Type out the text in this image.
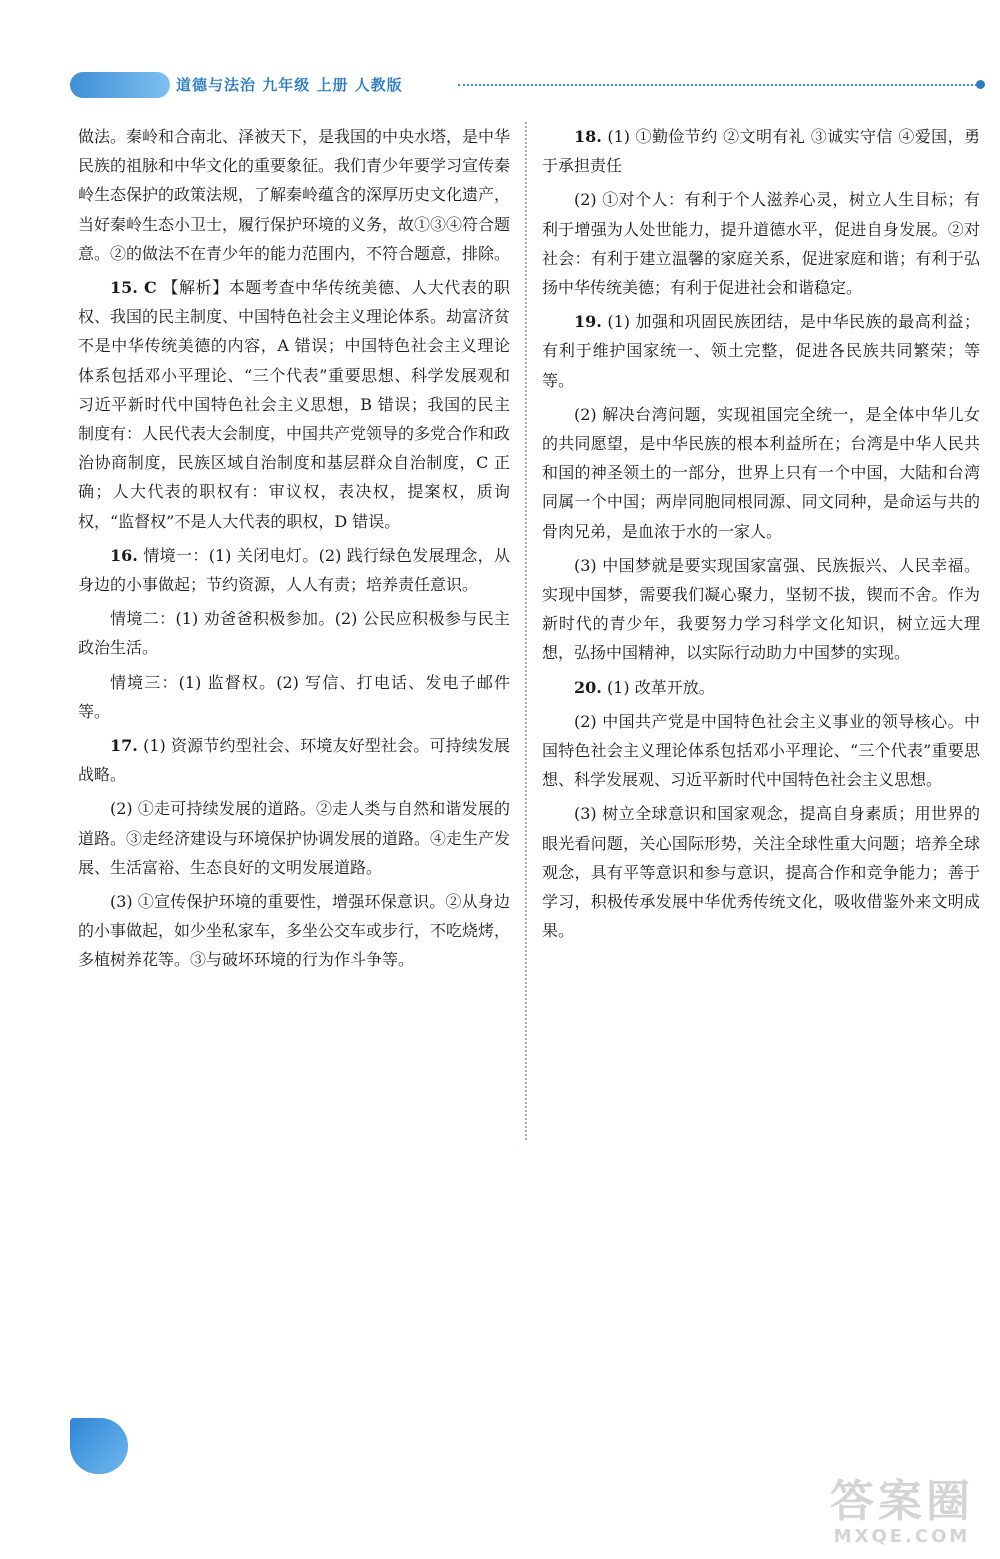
道德与法治 九年级 上册 人教版

做法。秦岭和合南北、泽被天下，是我国的中央水塔，是中华民族的祖脉和中华文化的重要象征。我们青少年要学习宣传秦岭生态保护的政策法规，了解秦岭蕴含的深厚历史文化遗产，当好秦岭生态小卫士，履行保护环境的义务，故①③④符合题意。②的做法不在青少年的能力范围内，不符合题意，排除。

15. C 【解析】本题考查中华传统美德、人大代表的职权、我国的民主制度、中国特色社会主义理论体系。劫富济贫不是中华传统美德的内容，A 错误；中国特色社会主义理论体系包括邓小平理论、“三个代表”重要思想、科学发展观和习近平新时代中国特色社会主义思想，B 错误；我国的民主制度有：人民代表大会制度，中国共产党领导的多党合作和政治协商制度，民族区域自治制度和基层群众自治制度，C 正确；人大代表的职权有：审议权，表决权，提案权，质询权，“监督权”不是人大代表的职权，D 错误。

16. 情境一：(1) 关闭电灯。(2) 践行绿色发展理念，从身边的小事做起；节约资源，人人有责；培养责任意识。

情境二：(1) 劝爸爸积极参加。(2) 公民应积极参与民主政治生活。

情境三：(1) 监督权。(2) 写信、打电话、发电子邮件等。

17. (1) 资源节约型社会、环境友好型社会。可持续发展战略。

(2) ①走可持续发展的道路。②走人类与自然和谐发展的道路。③走经济建设与环境保护协调发展的道路。④走生产发展、生活富裕、生态良好的文明发展道路。

(3) ①宣传保护环境的重要性，增强环保意识。②从身边的小事做起，如少坐私家车，多坐公交车或步行，不吃烧烤，多植树养花等。③与破坏环境的行为作斗争等。

18. (1) ①勤俭节约 ②文明有礼 ③诚实守信 ④爱国，勇于承担责任

(2) ①对个人：有利于个人滋养心灵，树立人生目标；有利于增强为人处世能力，提升道德水平，促进自身发展。②对社会：有利于建立温馨的家庭关系，促进家庭和谐；有利于弘扬中华传统美德；有利于促进社会和谐稳定。

19. (1) 加强和巩固民族团结，是中华民族的最高利益；有利于维护国家统一、领土完整，促进各民族共同繁荣；等等。

(2) 解决台湾问题，实现祖国完全统一，是全体中华儿女的共同愿望，是中华民族的根本利益所在；台湾是中华人民共和国的神圣领土的一部分，世界上只有一个中国，大陆和台湾同属一个中国；两岸同胞同根同源、同文同种，是命运与共的骨肉兄弟，是血浓于水的一家人。

(3) 中国梦就是要实现国家富强、民族振兴、人民幸福。实现中国梦，需要我们凝心聚力，坚韧不拔，锲而不舍。作为新时代的青少年，我要努力学习科学文化知识，树立远大理想，弘扬中国精神，以实际行动助力中国梦的实现。

20. (1) 改革开放。

(2) 中国共产党是中国特色社会主义事业的领导核心。中国特色社会主义理论体系包括邓小平理论、“三个代表”重要思想、科学发展观、习近平新时代中国特色社会主义思想。

(3) 树立全球意识和国家观念，提高自身素质；用世界的眼光看问题，关心国际形势，关注全球性重大问题；培养全球观念，具有平等意识和参与意识，提高合作和竞争能力；善于学习，积极传承发展中华优秀传统文化，吸收借鉴外来文明成果。

答案圈
MXQE.COM
